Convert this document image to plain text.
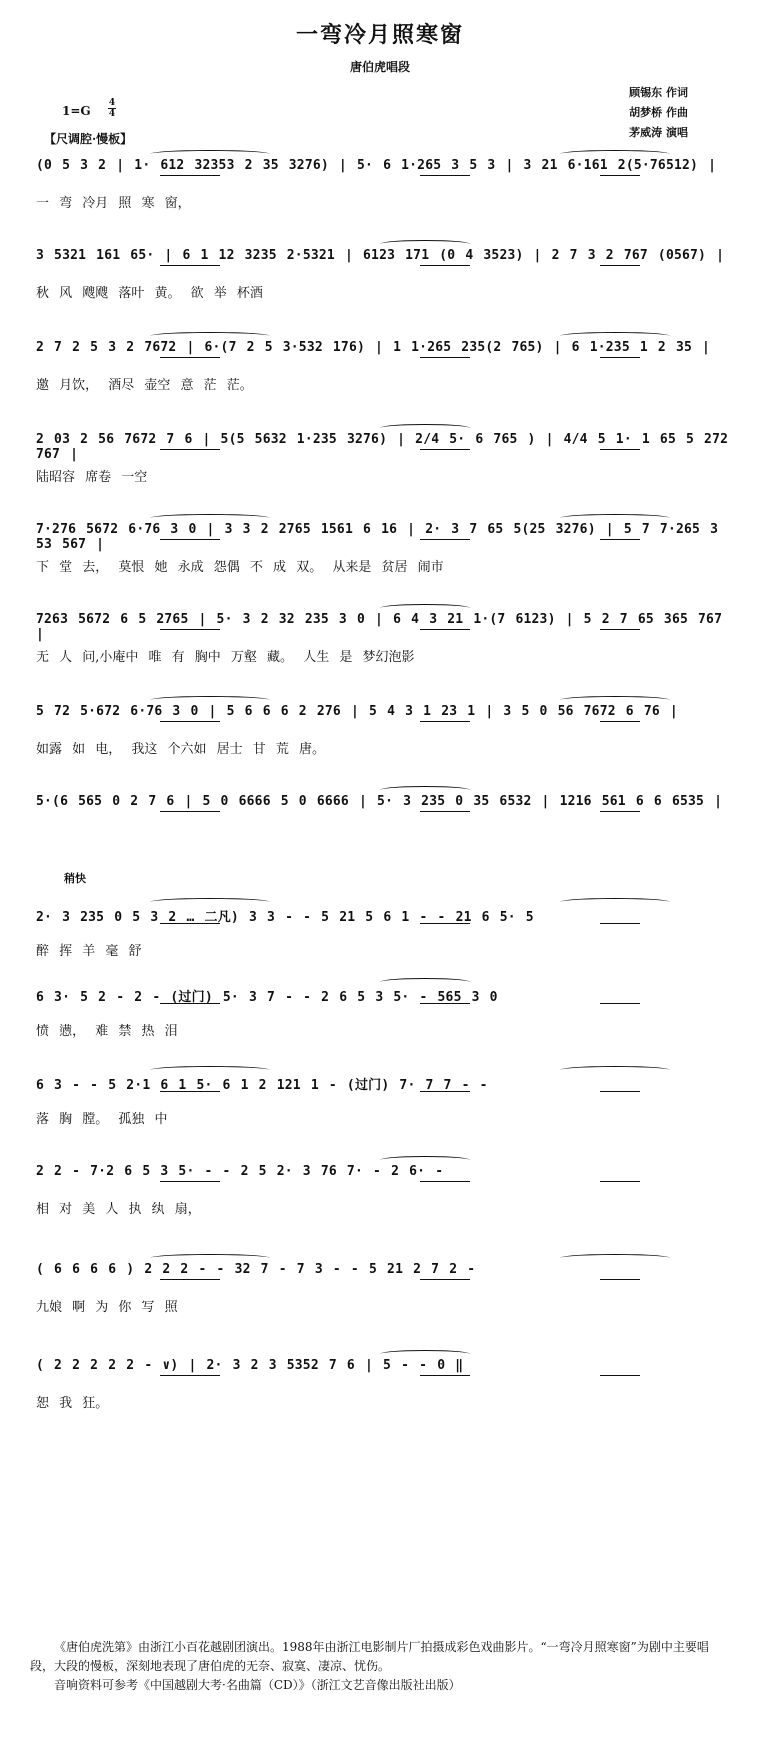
一弯冷月照寒窗
唐伯虎唱段
顾锡东 作词
胡梦桥 作曲
茅威涛 演唱
1=G
4
4
【尺调腔·慢板】
(0 5 3 2 | 1· 612 32353 2 35 3276) | 5· 6 1·265 3 5 3 | 3 21 6·161 2(5·76512) |
一 弯 冷月 照 寒 窗，
3 5321 161 65· | 6 1 12 3235 2·5321 | 6123 171 (0 4 3523) | 2 7 3 2 767 (0567) |
秋 风 飕飕 落叶 黄。 欲 举 杯酒
2 7 2 5 3 2 7672 | 6·(7 2 5 3·532 176) | 1 1·265 235(2 765) | 6 1·235 1 2 35 |
邀 月饮， 酒尽 壶空 意 茫 茫。
2 03 2 56 7672 7 6 | 5(5 5632 1·235 3276) | 2/4 5· 6 765 ) | 4/4 5 1· 1 65 5 272 767 |
陆昭容 席卷 一空
7·276 5672 6·76 3 0 | 3 3 2 2765 1561 6 16 | 2· 3 7 65 5(25 3276) | 5 7 7·265 3 53 567 |
下 堂 去， 莫恨 她 永成 怨偶 不 成 双。 从来是 贫居 闹市
7263 5672 6 5 2765 | 5· 3 2 32 235 3 0 | 6 4 3 21 1·(7 6123) | 5 2 7 65 365 767 |
无 人 问,小庵中 唯 有 胸中 万壑 藏。 人生 是 梦幻泡影
5 72 5·672 6·76 3 0 | 5 6 6 6 2 276 | 5 4 3 1 23 1 | 3 5 0 56 7672 6 76 |
如露 如 电， 我这 个六如 居士 甘 荒 唐。
5·(6 565 0 2 7 6 | 5 0 6666 5 0 6666 | 5· 3 235 0 35 6532 | 1216 561 6 6 6535 |
2· 3 235 0 5 3 2 … 二凡) 3 3 - - 5 21 5 6 1 - - 21 6 5· 5
醉 挥 羊 毫 舒
6 3· 5 2 - 2 - (过门) 5· 3 7 - - 2 6 5 3 5· - 565 3 0
愤 懑， 难 禁 热 泪
6 3 - - 5 2·1 6 1 5· 6 1 2 121 1 - (过门) 7· 7 7 - -
落 胸 膛。 孤独 中
2 2 - 7·2 6 5 3 5· - - 2 5 2· 3 76 7· - 2 6· -
相 对 美 人 执 纨 扇，
( 6 6 6 6 ) 2 2 2 - - 32 7 - 7 3 - - 5 21 2 7 2 -
九娘 啊 为 你 写 照
( 2 2 2 2 2 - ∨) | 2· 3 2 3 5352 7 6 | 5 - - 0 ‖
恕 我 狂。
稍快
《唐伯虎洗第》由浙江小百花越剧团演出。1988年由浙江电影制片厂拍摄成彩色戏曲影片。“一弯冷月照寒窗”为剧中主要唱段，大段的慢板，深刻地表现了唐伯虎的无奈、寂寞、凄凉、忧伤。
音响资料可参考《中国越剧大考·名曲篇（CD）》（浙江文艺音像出版社出版）
